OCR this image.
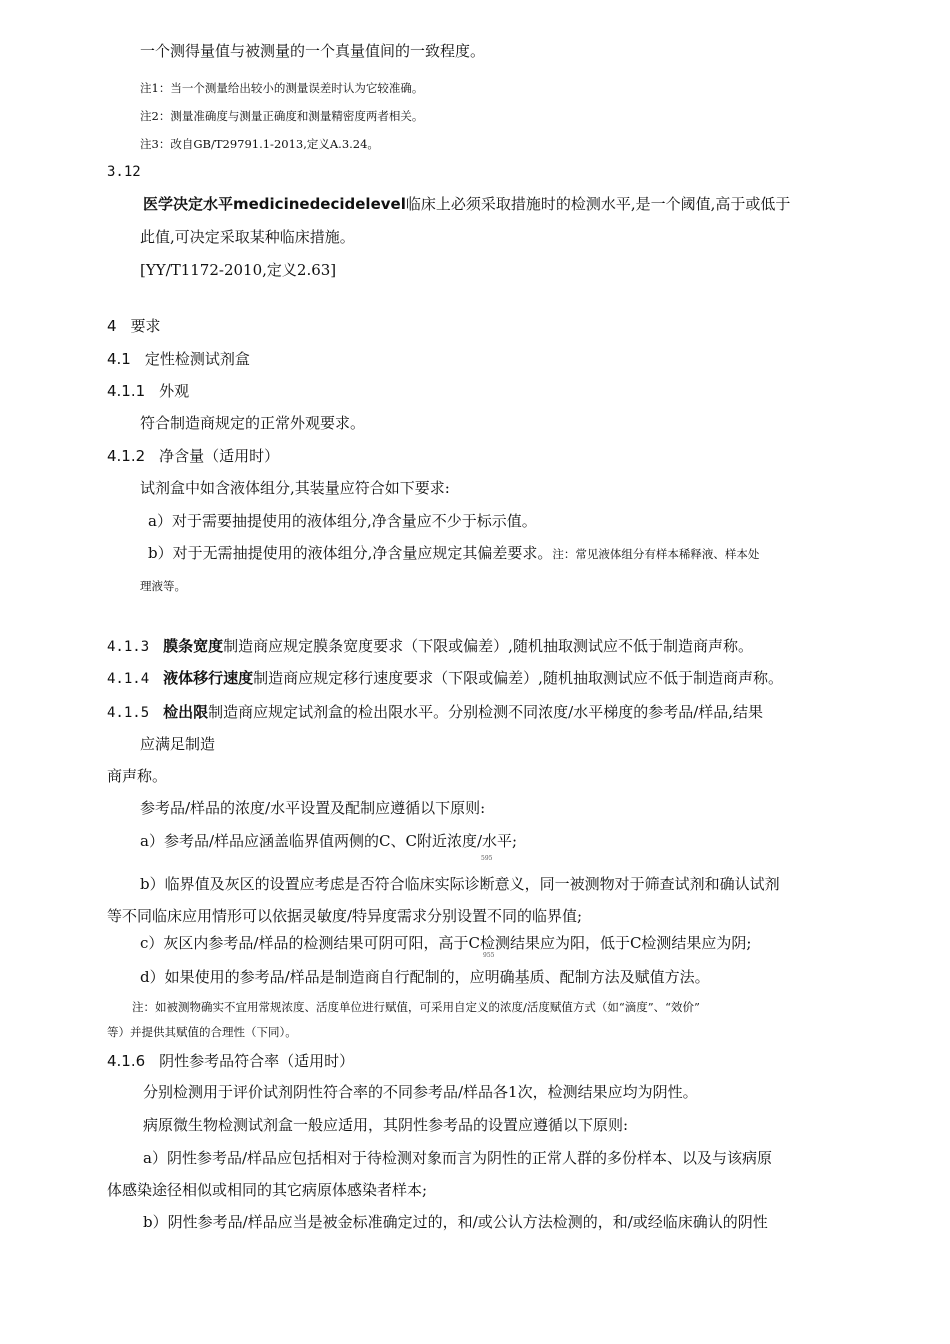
一个测得量值与被测量的一个真量值间的一致程度。
注1：当一个测量给出较小的测量误差时认为它较准确。
注2：测量准确度与测量正确度和测量精密度两者相关。
注3：改自GB/T29791.1-2013,定义A.3.24。
3.12
医学决定水平medicinedecidelevel临床上必须采取措施时的检测水平,是一个阈值,高于或低于
此值,可决定采取某种临床措施。
[YY/T1172-2010,定义2.63]
4 要求
4.1 定性检测试剂盒
4.1.1 外观
符合制造商规定的正常外观要求。
4.1.2 净含量（适用时）
试剂盒中如含液体组分,其装量应符合如下要求:
a）对于需要抽提使用的液体组分,净含量应不少于标示值。
b）对于无需抽提使用的液体组分,净含量应规定其偏差要求。注：常见液体组分有样本稀释液、样本处
理液等。
4.1.3 膜条宽度制造商应规定膜条宽度要求（下限或偏差）,随机抽取测试应不低于制造商声称。
4.1.4 液体移行速度制造商应规定移行速度要求（下限或偏差）,随机抽取测试应不低于制造商声称。
4.1.5 检出限制造商应规定试剂盒的检出限水平。分别检测不同浓度/水平梯度的参考品/样品,结果
应满足制造
商声称。
参考品/样品的浓度/水平设置及配制应遵循以下原则:
a）参考品/样品应涵盖临界值两侧的C、C附近浓度/水平;
595
b）临界值及灰区的设置应考虑是否符合临床实际诊断意义，同一被测物对于筛查试剂和确认试剂
等不同临床应用情形可以依据灵敏度/特异度需求分别设置不同的临界值;
c）灰区内参考品/样品的检测结果可阴可阳，高于C检测结果应为阳，低于C检测结果应为阴;
955
d）如果使用的参考品/样品是制造商自行配制的，应明确基质、配制方法及赋值方法。
注：如被测物确实不宜用常规浓度、活度单位进行赋值，可采用自定义的浓度/活度赋值方式（如“滴度”、“效价”
等）并提供其赋值的合理性（下同）。
4.1.6 阴性参考品符合率（适用时）
分别检测用于评价试剂阴性符合率的不同参考品/样品各1次，检测结果应均为阴性。
病原微生物检测试剂盒一般应适用，其阴性参考品的设置应遵循以下原则:
a）阴性参考品/样品应包括相对于待检测对象而言为阴性的正常人群的多份样本、以及与该病原
体感染途径相似或相同的其它病原体感染者样本;
b）阴性参考品/样品应当是被金标准确定过的，和/或公认方法检测的，和/或经临床确认的阴性
